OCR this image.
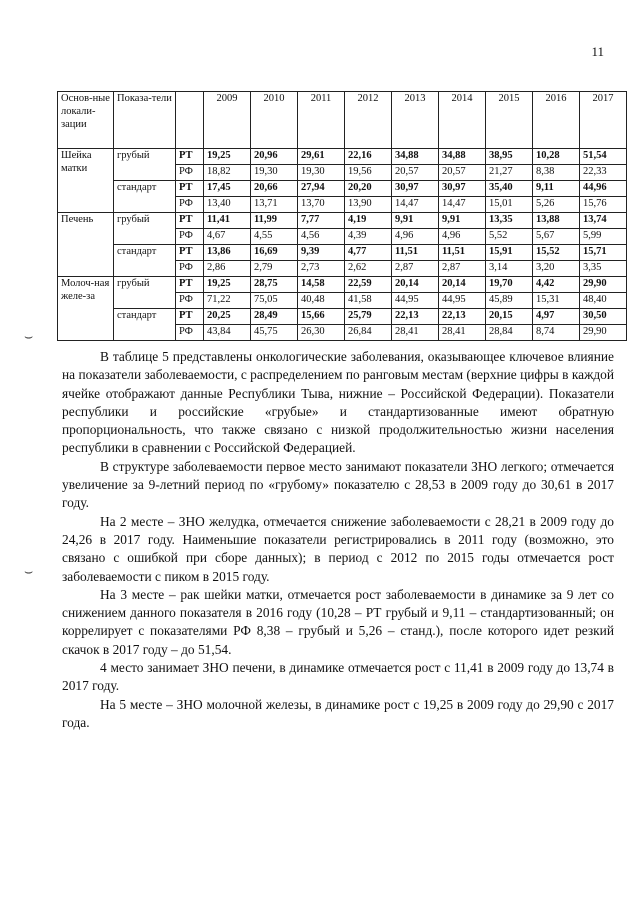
11
Основ-ные локали-зации	Показа-тели		2009	2010	2011	2012	2013	2014	2015	2016	2017
Шейка матки	грубый	РТ	19,25	20,96	29,61	22,16	34,88	34,88	38,95	10,28	51,54
		РФ	18,82	19,30	19,30	19,56	20,57	20,57	21,27	8,38	22,33
	стандарт	РТ	17,45	20,66	27,94	20,20	30,97	30,97	35,40	9,11	44,96
		РФ	13,40	13,71	13,70	13,90	14,47	14,47	15,01	5,26	15,76
Печень	грубый	РТ	11,41	11,99	7,77	4,19	9,91	9,91	13,35	13,88	13,74
		РФ	4,67	4,55	4,56	4,39	4,96	4,96	5,52	5,67	5,99
	стандарт	РТ	13,86	16,69	9,39	4,77	11,51	11,51	15,91	15,52	15,71
		РФ	2,86	2,79	2,73	2,62	2,87	2,87	3,14	3,20	3,35
Молоч-ная желе-за	грубый	РТ	19,25	28,75	14,58	22,59	20,14	20,14	19,70	4,42	29,90
		РФ	71,22	75,05	40,48	41,58	44,95	44,95	45,89	15,31	48,40
	стандарт	РТ	20,25	28,49	15,66	25,79	22,13	22,13	20,15	4,97	30,50
		РФ	43,84	45,75	26,30	26,84	28,41	28,41	28,84	8,74	29,90

В таблице 5 представлены онкологические заболевания, оказывающее ключевое влияние на показатели заболеваемости, с распределением по ранговым местам (верхние цифры в каждой ячейке отображают данные Республики Тыва, нижние – Российской Федерации). Показатели республики и российские «грубые» и стандартизованные имеют обратную пропорциональность, что также связано с низкой продолжительностью жизни населения республики в сравнении с Российской Федерацией.

В структуре заболеваемости первое место занимают показатели ЗНО легкого; отмечается увеличение за 9-летний период по «грубому» показателю с 28,53 в 2009 году до 30,61 в 2017 году.

На 2 месте – ЗНО желудка, отмечается снижение заболеваемости с 28,21 в 2009 году до 24,26 в 2017 году. Наименьшие показатели регистрировались в 2011 году (возможно, это связано с ошибкой при сборе данных); в период с 2012 по 2015 годы отмечается рост заболеваемости с пиком в 2015 году.

На 3 месте – рак шейки матки, отмечается рост заболеваемости в динамике за 9 лет со снижением данного показателя в 2016 году (10,28 – РТ грубый и 9,11 – стандартизованный; он коррелирует с показателями РФ 8,38 – грубый и 5,26 – станд.), после которого идет резкий скачок в 2017 году – до 51,54.

4 место занимает ЗНО печени, в динамике отмечается рост с 11,41 в 2009 году до 13,74 в 2017 году.

На 5 месте – ЗНО молочной железы, в динамике рост с 19,25 в 2009 году до 29,90 с 2017 года.

⌣
⌣
